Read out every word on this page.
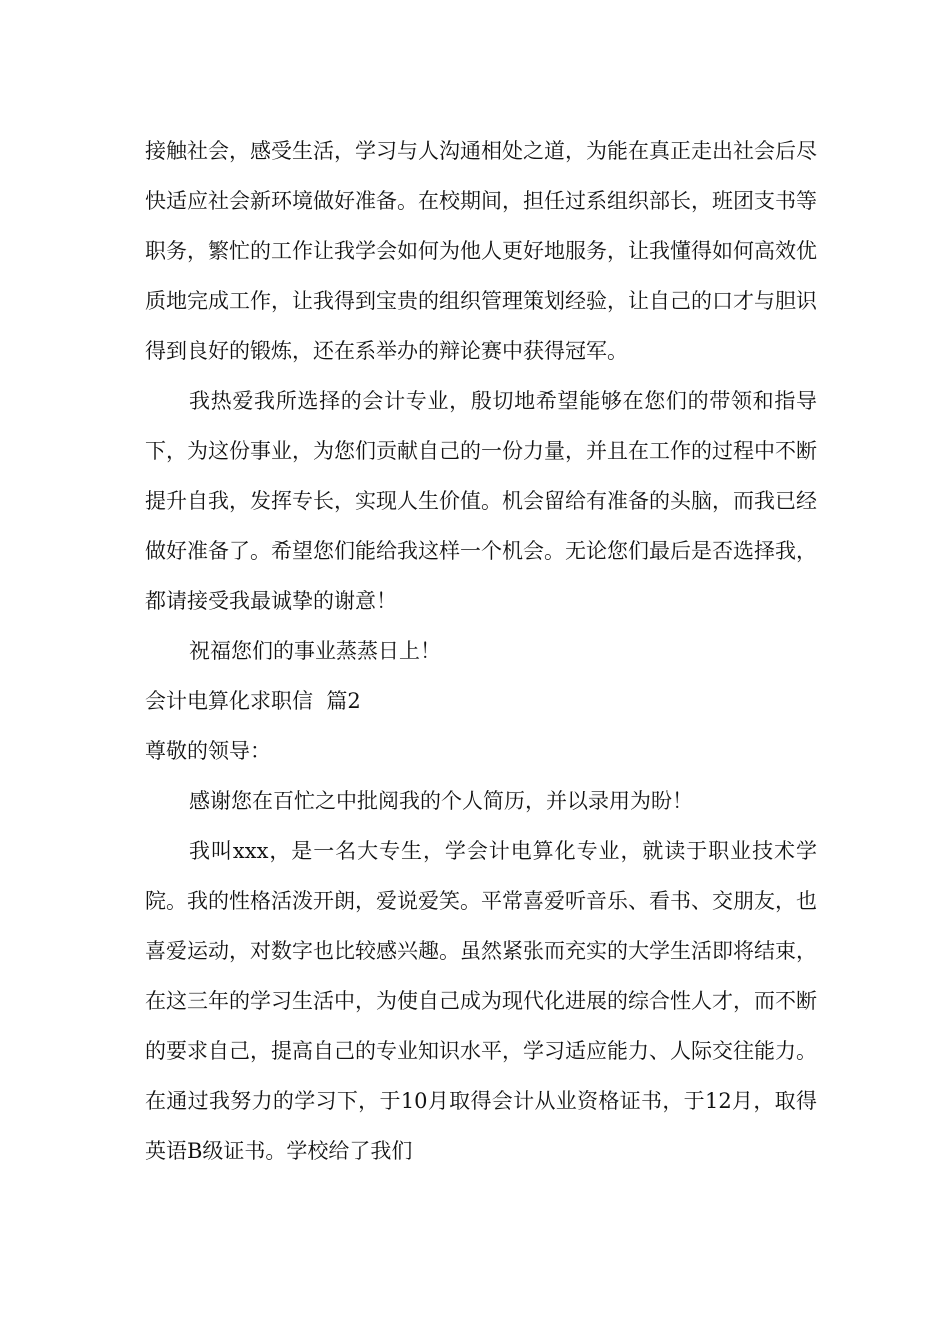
接触社会，感受生活，学习与人沟通相处之道，为能在真正走出社会后尽快适应社会新环境做好准备。在校期间，担任过系组织部长，班团支书等职务，繁忙的工作让我学会如何为他人更好地服务，让我懂得如何高效优质地完成工作，让我得到宝贵的组织管理策划经验，让自己的口才与胆识得到良好的锻炼，还在系举办的辩论赛中获得冠军。

我热爱我所选择的会计专业，殷切地希望能够在您们的带领和指导下，为这份事业，为您们贡献自己的一份力量，并且在工作的过程中不断提升自我，发挥专长，实现人生价值。机会留给有准备的头脑，而我已经做好准备了。希望您们能给我这样一个机会。无论您们最后是否选择我，都请接受我最诚挚的谢意！

祝福您们的事业蒸蒸日上！

会计电算化求职信  篇2

尊敬的领导：

感谢您在百忙之中批阅我的个人简历，并以录用为盼！

我叫xxx，是一名大专生，学会计电算化专业，就读于职业技术学院。我的性格活泼开朗，爱说爱笑。平常喜爱听音乐、看书、交朋友，也喜爱运动，对数字也比较感兴趣。虽然紧张而充实的大学生活即将结束，在这三年的学习生活中，为使自己成为现代化进展的综合性人才，而不断的要求自己，提高自己的专业知识水平，学习适应能力、人际交往能力。在通过我努力的学习下，于10月取得会计从业资格证书，于12月，取得英语B级证书。学校给了我们
